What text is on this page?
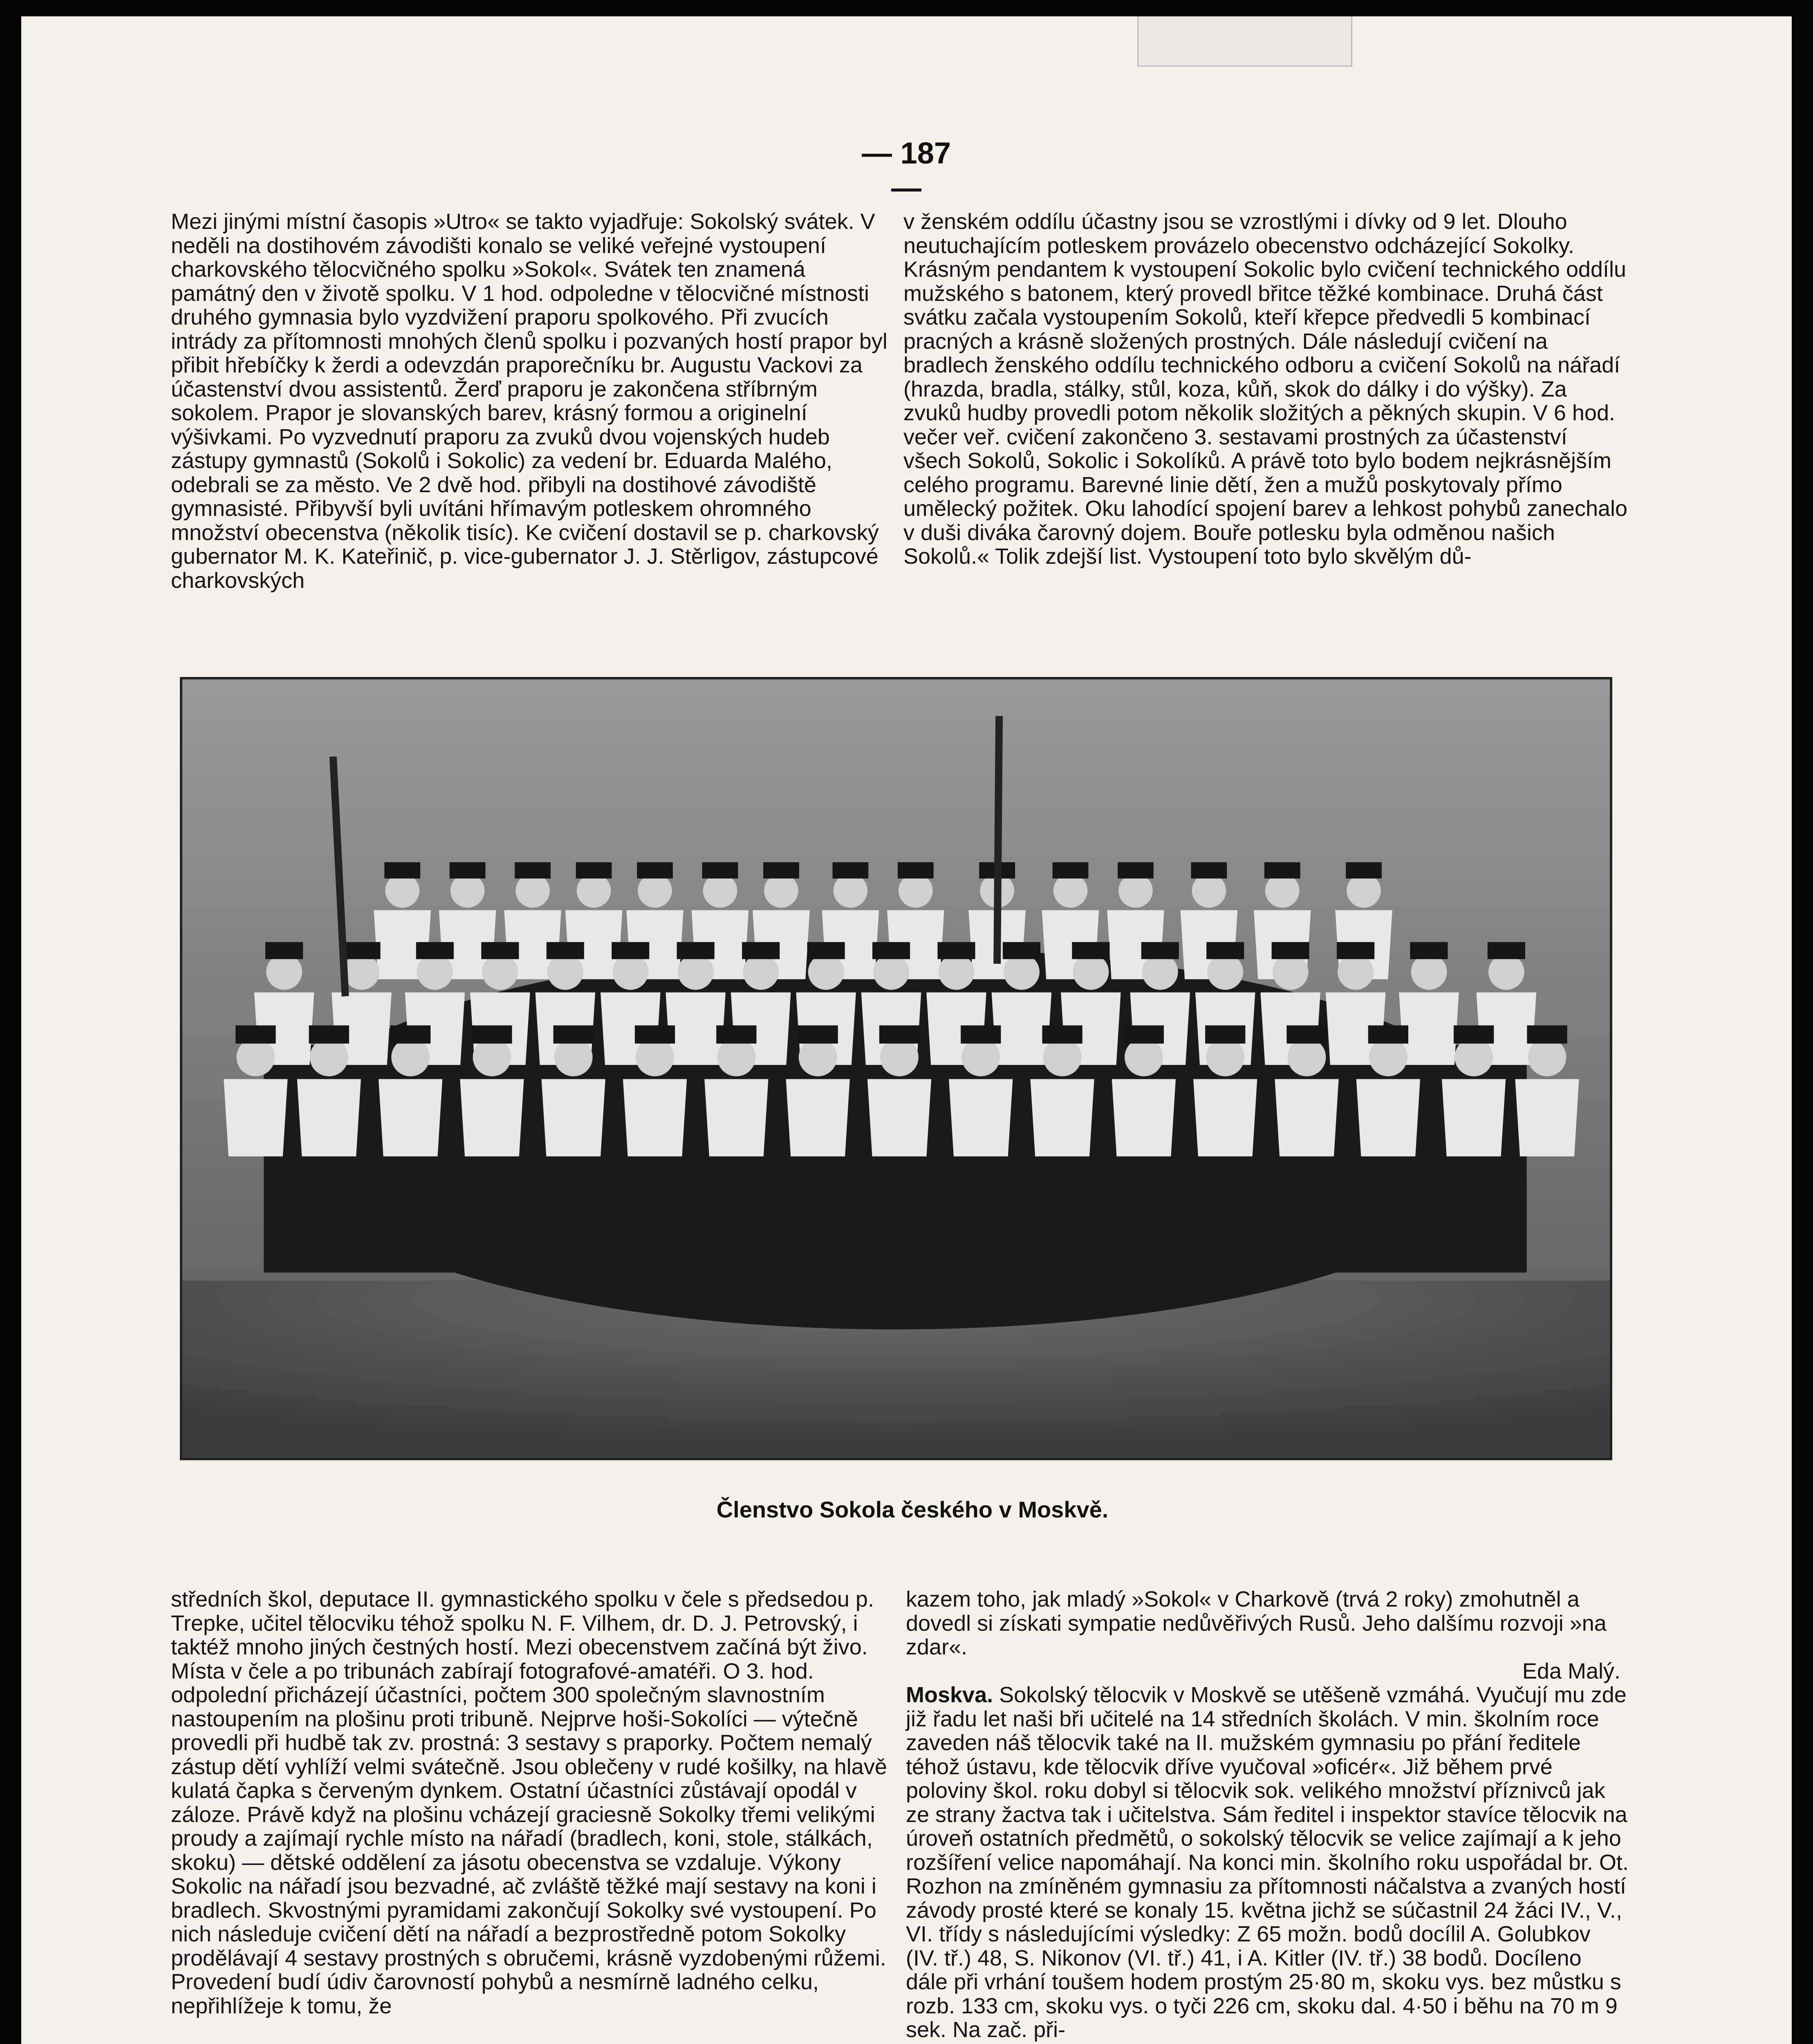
— 187 —

Mezi jinými místní časopis »Utro« se takto vyjadřuje: Sokolský svátek. V neděli na dostihovém závodišti konalo se veliké veřejné vystoupení charkovského tělocvičného spolku »Sokol«. Svátek ten znamená památný den v životě spolku. V 1 hod. odpoledne v tělocvičné místnosti druhého gymnasia bylo vyzdvižení praporu spolkového. Při zvucích intrády za přítomnosti mnohých členů spolku i pozvaných hostí prapor byl přibit hřebíčky k žerdi a odevzdán praporečníku br. Augustu Vackovi za účastenství dvou assistentů. Žerď praporu je zakončena stříbrným sokolem. Prapor je slovanských barev, krásný formou a originelní výšivkami. Po vyzvednutí praporu za zvuků dvou vojenských hudeb zástupy gymnastů (Sokolů i Sokolic) za vedení br. Eduarda Malého, odebrali se za město. Ve 2 dvě hod. přibyli na dostihové závodiště gymnasisté. Přibyvší byli uvítáni hřímavým potleskem ohromného množství obecenstva (několik tisíc). Ke cvičení dostavil se p. charkovský gubernator M. K. Kateřinič, p. vice-gubernator J. J. Stěrligov, zástupcové charkovských

v ženském oddílu účastny jsou se vzrostlými i dívky od 9 let. Dlouho neutuchajícím potleskem provázelo obecenstvo odcházející Sokolky. Krásným pendantem k vystoupení Sokolic bylo cvičení technického oddílu mužského s batonem, který provedl břitce těžké kombinace. Druhá část svátku začala vystoupením Sokolů, kteří křepce předvedli 5 kombinací pracných a krásně složených prostných. Dále následují cvičení na bradlech ženského oddílu technického odboru a cvičení Sokolů na nářadí (hrazda, bradla, stálky, stůl, koza, kůň, skok do dálky i do výšky). Za zvuků hudby provedli potom několik složitých a pěkných skupin. V 6 hod. večer veř. cvičení zakončeno 3. sestavami prostných za účastenství všech Sokolů, Sokolic i Sokolíků. A právě toto bylo bodem nejkrásnějším celého programu. Barevné linie dětí, žen a mužů poskytovaly přímo umělecký požitek. Oku lahodící spojení barev a lehkost pohybů zanechalo v duši diváka čarovný dojem. Bouře potlesku byla odměnou našich Sokolů.« Tolik zdejší list. Vystoupení toto bylo skvělým dů-

Členstvo Sokola českého v Moskvě.

středních škol, deputace II. gymnastického spolku v čele s předsedou p. Trepke, učitel tělocviku téhož spolku N. F. Vilhem, dr. D. J. Petrovský, i taktéž mnoho jiných čestných hostí. Mezi obecenstvem začíná být živo. Místa v čele a po tribunách zabírají fotografové-amatéři. O 3. hod. odpolední přicházejí účastníci, počtem 300 společným slavnostním nastoupením na plošinu proti tribuně. Nejprve hoši-Sokolíci — výtečně provedli při hudbě tak zv. prostná: 3 sestavy s praporky. Počtem nemalý zástup dětí vyhlíží velmi svátečně. Jsou oblečeny v rudé košilky, na hlavě kulatá čapka s červeným dynkem. Ostatní účastníci zůstávají opodál v záloze. Právě když na plošinu vcházejí graciesně Sokolky třemi velikými proudy a zajímají rychle místo na nářadí (bradlech, koni, stole, stálkách, skoku) — dětské oddělení za jásotu obecenstva se vzdaluje. Výkony Sokolic na nářadí jsou bezvadné, ač zvláště těžké mají sestavy na koni i bradlech. Skvostnými pyramidami zakončují Sokolky své vystoupení. Po nich následuje cvičení dětí na nářadí a bezprostředně potom Sokolky prodělávají 4 sestavy prostných s obručemi, krásně vyzdobenými růžemi. Provedení budí údiv čarovností pohybů a nesmírně ladného celku, nepřihlížeje k tomu, že

kazem toho, jak mladý »Sokol« v Charkově (trvá 2 roky) zmohutněl a dovedl si získati sympatie nedůvěřivých Rusů. Jeho dalšímu rozvoji »na zdar«.

Eda Malý.

Moskva. Sokolský tělocvik v Moskvě se utěšeně vzmáhá. Vyučují mu zde již řadu let naši bři učitelé na 14 středních školách. V min. školním roce zaveden náš tělocvik také na II. mužském gymnasiu po přání ředitele téhož ústavu, kde tělocvik dříve vyučoval »oficér«. Již během prvé poloviny škol. roku dobyl si tělocvik sok. velikého množství příznivců jak ze strany žactva tak i učitelstva. Sám ředitel i inspektor stavíce tělocvik na úroveň ostatních předmětů, o sokolský tělocvik se velice zajímají a k jeho rozšíření velice napomáhají. Na konci min. školního roku uspořádal br. Ot. Rozhon na zmíněném gymnasiu za přítomnosti náčalstva a zvaných hostí závody prosté které se konaly 15. května jichž se súčastnil 24 žáci IV., V., VI. třídy s následujícími výsledky: Z 65 možn. bodů docílil A. Golubkov (IV. tř.) 48, S. Nikonov (VI. tř.) 41, i A. Kitler (IV. tř.) 38 bodů. Docíleno dále při vrhání toušem hodem prostým 25·80 m, skoku vys. bez můstku s rozb. 133 cm, skoku vys. o tyči 226 cm, skoku dal. 4·50 i běhu na 70 m 9 sek. Na zač. při-
